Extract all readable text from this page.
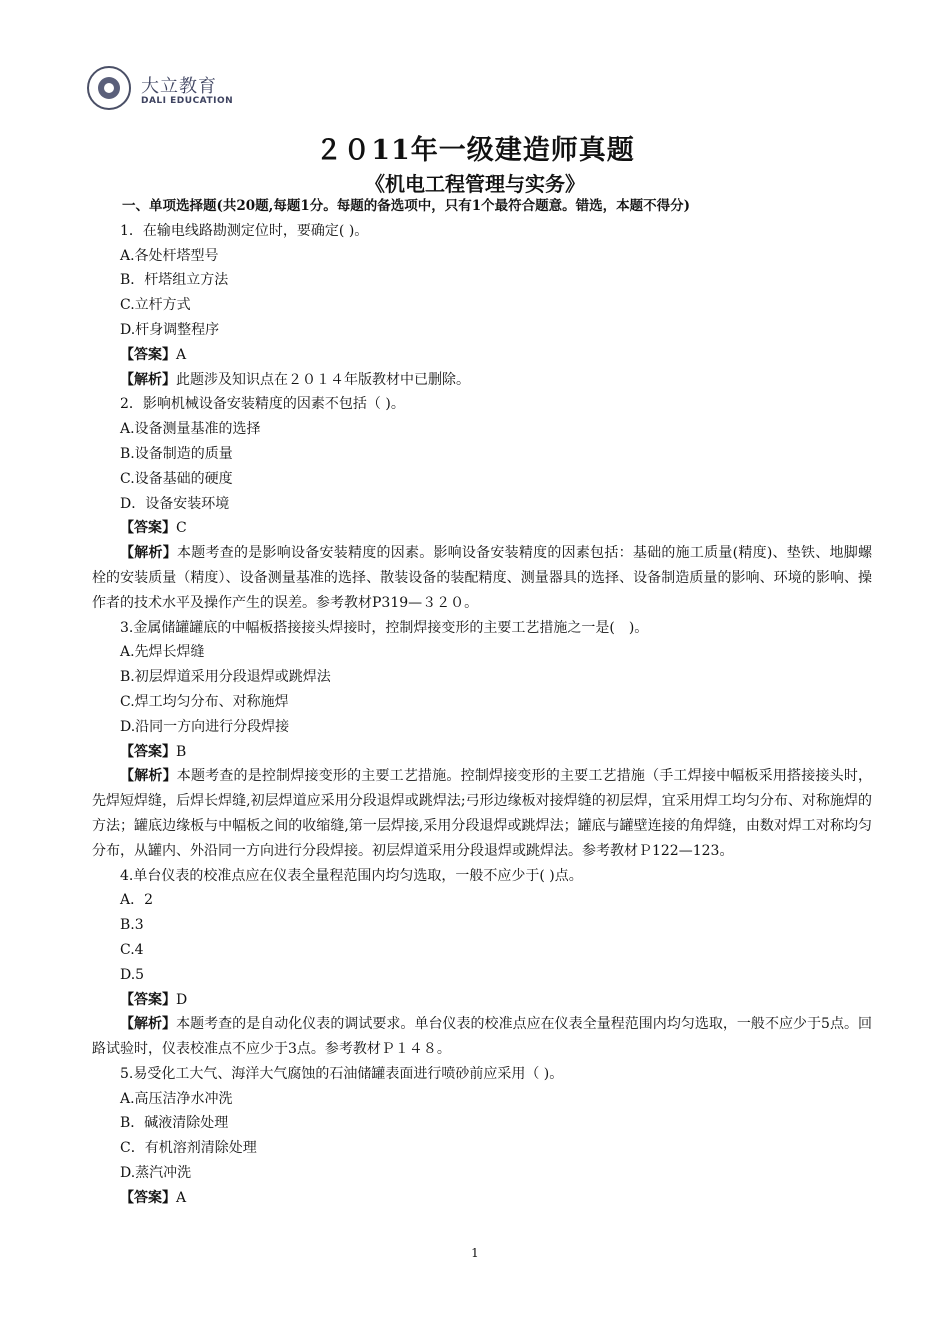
大立教育
DALI EDUCATION
２０11年一级建造师真题
《机电工程管理与实务》
一、单项选择题(共20题,每题1分。每题的备选项中，只有1个最符合题意。错选，本题不得分)
1．在输电线路勘测定位时，要确定( )。
A.各处杆塔型号
B．杆塔组立方法
C.立杆方式
D.杆身调整程序
【答案】A
【解析】此题涉及知识点在２０１４年版教材中已删除。
2．影响机械设备安装精度的因素不包括（ )。
A.设备测量基准的选择
B.设备制造的质量
C.设备基础的硬度
D．设备安装环境
【答案】C
【解析】本题考查的是影响设备安装精度的因素。影响设备安装精度的因素包括：基础的施工质量(精度)、垫铁、地脚螺栓的安装质量（精度）、设备测量基准的选择、散装设备的装配精度、测量器具的选择、设备制造质量的影响、环境的影响、操作者的技术水平及操作产生的误差。参考教材P319—３２０。
3.金属储罐罐底的中幅板搭接接头焊接时，控制焊接变形的主要工艺措施之一是(　)。
A.先焊长焊缝
B.初层焊道采用分段退焊或跳焊法
C.焊工均匀分布、对称施焊
D.沿同一方向进行分段焊接
【答案】B
【解析】本题考查的是控制焊接变形的主要工艺措施。控制焊接变形的主要工艺措施（手工焊接中幅板采用搭接接头时，先焊短焊缝，后焊长焊缝,初层焊道应采用分段退焊或跳焊法;弓形边缘板对接焊缝的初层焊，宜采用焊工均匀分布、对称施焊的方法；罐底边缘板与中幅板之间的收缩缝,第一层焊接,采用分段退焊或跳焊法；罐底与罐壁连接的角焊缝，由数对焊工对称均匀分布，从罐内、外沿同一方向进行分段焊接。初层焊道采用分段退焊或跳焊法。参考教材Ｐ122—123。
4.单台仪表的校准点应在仪表全量程范围内均匀选取，一般不应少于( )点。
A．2
B.3
C.4
D.5
【答案】D
【解析】本题考查的是自动化仪表的调试要求。单台仪表的校准点应在仪表全量程范围内均匀选取，一般不应少于5点。回路试验时，仪表校准点不应少于3点。参考教材Ｐ１４８。
5.易受化工大气、海洋大气腐蚀的石油储罐表面进行喷砂前应采用（ )。
A.高压洁净水冲洗
B．碱液清除处理
C．有机溶剂清除处理
D.蒸汽冲洗
【答案】A
1
